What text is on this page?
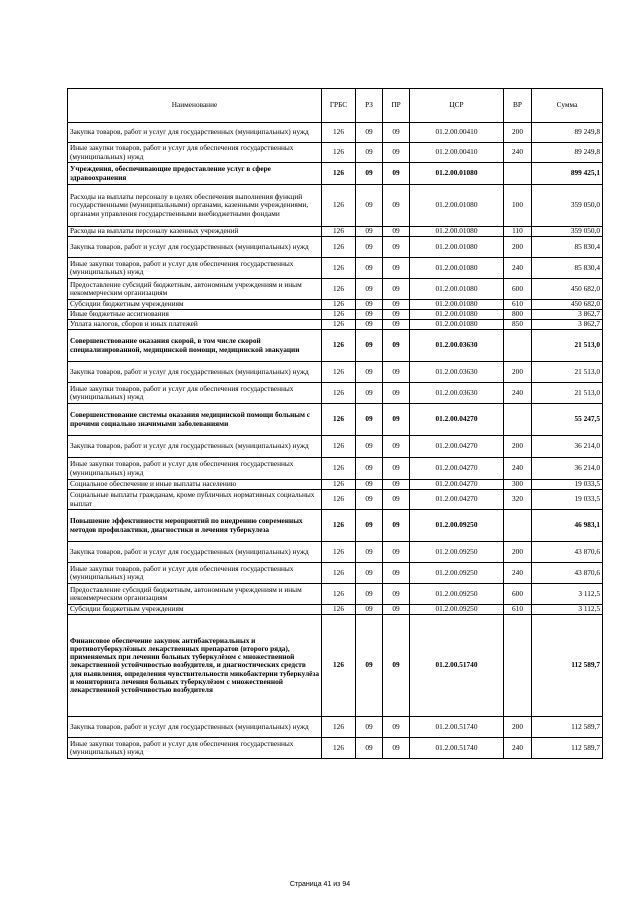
Наименование	ГРБС	РЗ	ПР	ЦСР	ВР	Сумма
Закупка товаров, работ и услуг для государственных (муниципальных) нужд	126	09	09	01.2.00.00410	200	89 249,8
Иные закупки товаров, работ и услуг для обеспечения государственных (муниципальных) нужд	126	09	09	01.2.00.00410	240	89 249,8
Учреждения, обеспечивающие предоставление услуг в сфере здравоохранения	126	09	09	01.2.00.01080		899 425,1
Расходы на выплаты персоналу в целях обеспечения выполнения функций государственными (муниципальными) органами, казенными учреждениями, органами управления государственными внебюджетными фондами	126	09	09	01.2.00.01080	100	359 050,0
Расходы на выплаты персоналу казенных учреждений	126	09	09	01.2.00.01080	110	359 050,0
Закупка товаров, работ и услуг для государственных (муниципальных) нужд	126	09	09	01.2.00.01080	200	85 830,4
Иные закупки товаров, работ и услуг для обеспечения государственных (муниципальных) нужд	126	09	09	01.2.00.01080	240	85 830,4
Предоставление субсидий бюджетным, автономным учреждениям и иным некоммерческим организациям	126	09	09	01.2.00.01080	600	450 682,0
Субсидии бюджетным учреждениям	126	09	09	01.2.00.01080	610	450 682,0
Иные бюджетные ассигнования	126	09	09	01.2.00.01080	800	3 862,7
Уплата налогов, сборов и иных платежей	126	09	09	01.2.00.01080	850	3 862,7
Совершенствование оказания скорой, в том числе скорой специализированной, медицинской помощи, медицинской эвакуации	126	09	09	01.2.00.03630		21 513,0
Закупка товаров, работ и услуг для государственных (муниципальных) нужд	126	09	09	01.2.00.03630	200	21 513,0
Иные закупки товаров, работ и услуг для обеспечения государственных (муниципальных) нужд	126	09	09	01.2.00.03630	240	21 513,0
Совершенствование системы оказания медицинской помощи больным с прочими социально значимыми заболеваниями	126	09	09	01.2.00.04270		55 247,5
Закупка товаров, работ и услуг для государственных (муниципальных) нужд	126	09	09	01.2.00.04270	200	36 214,0
Иные закупки товаров, работ и услуг для обеспечения государственных (муниципальных) нужд	126	09	09	01.2.00.04270	240	36 214,0
Социальное обеспечение и иные выплаты населению	126	09	09	01.2.00.04270	300	19 033,5
Социальные выплаты гражданам, кроме публичных нормативных социальных выплат	126	09	09	01.2.00.04270	320	19 033,5
Повышение эффективности мероприятий по внедрению современных методов профилактики, диагностики и лечения туберкулеза	126	09	09	01.2.00.09250		46 983,1
Закупка товаров, работ и услуг для государственных (муниципальных) нужд	126	09	09	01.2.00.09250	200	43 870,6
Иные закупки товаров, работ и услуг для обеспечения государственных (муниципальных) нужд	126	09	09	01.2.00.09250	240	43 870,6
Предоставление субсидий бюджетным, автономным учреждениям и иным некоммерческим организациям	126	09	09	01.2.00.09250	600	3 112,5
Субсидии бюджетным учреждениям	126	09	09	01.2.00.09250	610	3 112,5
Финансовое обеспечение закупок антибактериальных и противотуберкулёзных лекарственных препаратов (второго ряда), применяемых при лечении больных туберкулёзом с множественной лекарственной устойчивостью возбудителя, и диагностических средств для выявления, определения чувствительности микобактерии туберкулёза и мониторинга лечения больных туберкулёзом с множественной лекарственной устойчивостью возбудителя	126	09	09	01.2.00.51740		112 589,7
Закупка товаров, работ и услуг для государственных (муниципальных) нужд	126	09	09	01.2.00.51740	200	112 589,7
Иные закупки товаров, работ и услуг для обеспечения государственных (муниципальных) нужд	126	09	09	01.2.00.51740	240	112 589,7
Страница 41 из 94
